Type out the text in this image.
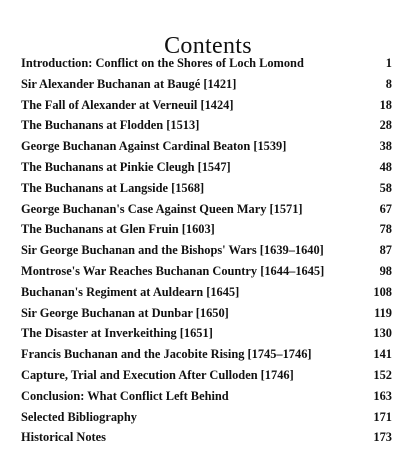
Contents
Introduction: Conflict on the Shores of Loch Lomond	1
Sir Alexander Buchanan at Baugé [1421]	8
The Fall of Alexander at Verneuil [1424]	18
The Buchanans at Flodden [1513]	28
George Buchanan Against Cardinal Beaton [1539]	38
The Buchanans at Pinkie Cleugh [1547]	48
The Buchanans at Langside [1568]	58
George Buchanan's Case Against Queen Mary [1571]	67
The Buchanans at Glen Fruin [1603]	78
Sir George Buchanan and the Bishops' Wars [1639–1640]	87
Montrose's War Reaches Buchanan Country [1644–1645]	98
Buchanan's Regiment at Auldearn [1645]	108
Sir George Buchanan at Dunbar [1650]	119
The Disaster at Inverkeithing [1651]	130
Francis Buchanan and the Jacobite Rising [1745–1746]	141
Capture, Trial and Execution After Culloden [1746]	152
Conclusion: What Conflict Left Behind	163
Selected Bibliography	171
Historical Notes	173
